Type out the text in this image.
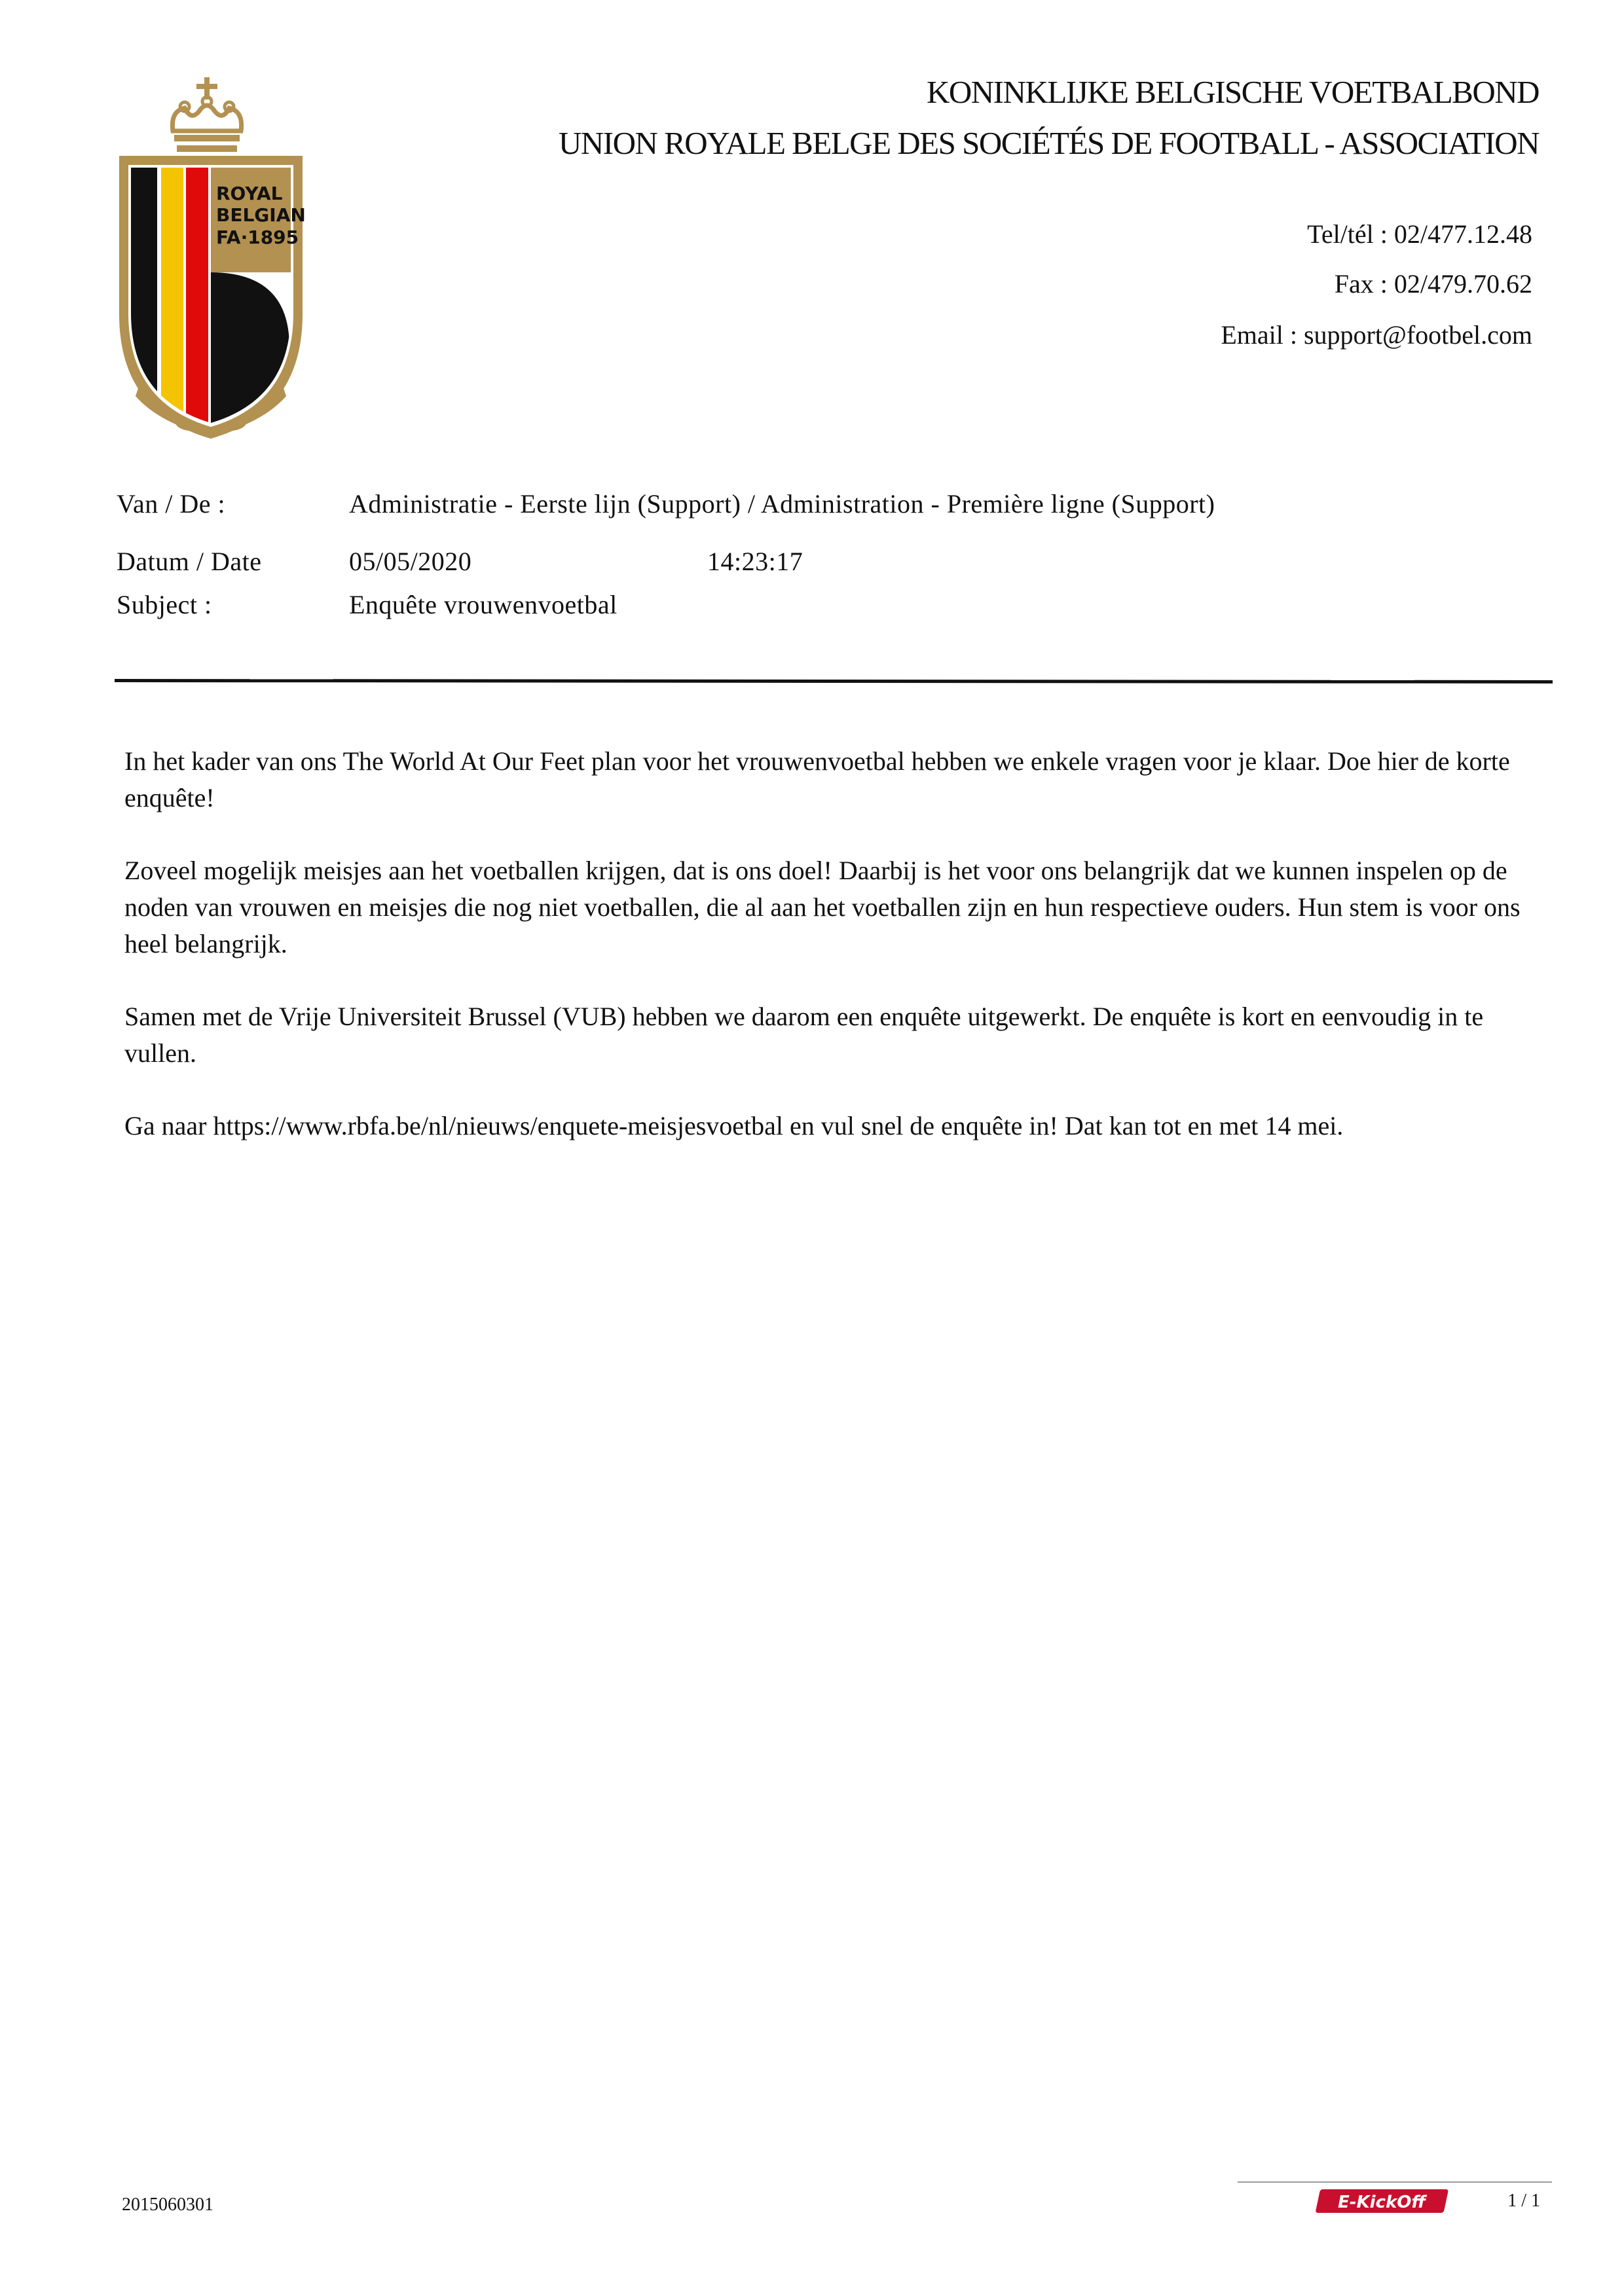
ROYAL
BELGIAN
FA·1895
KONINKLIJKE BELGISCHE VOETBALBOND
UNION ROYALE BELGE DES SOCIÉTÉS DE FOOTBALL - ASSOCIATION
Tel/tél : 02/477.12.48
Fax : 02/479.70.62
Email : support@footbel.com
Van / De :	Administratie - Eerste lijn (Support) / Administration - Première ligne (Support)
Datum / Date	05/05/2020	14:23:17
Subject :	Enquête vrouwenvoetbal

In het kader van ons The World At Our Feet plan voor het vrouwenvoetbal hebben we enkele vragen voor je klaar. Doe hier de korte enquête!

Zoveel mogelijk meisjes aan het voetballen krijgen, dat is ons doel! Daarbij is het voor ons belangrijk dat we kunnen inspelen op de noden van vrouwen en meisjes die nog niet voetballen, die al aan het voetballen zijn en hun respectieve ouders. Hun stem is voor ons heel belangrijk.

Samen met de Vrije Universiteit Brussel (VUB) hebben we daarom een enquête uitgewerkt. De enquête is kort en eenvoudig in te vullen.

Ga naar https://www.rbfa.be/nl/nieuws/enquete-meisjesvoetbal en vul snel de enquête in! Dat kan tot en met 14 mei.

2015060301	E-KickOff	1 / 1
